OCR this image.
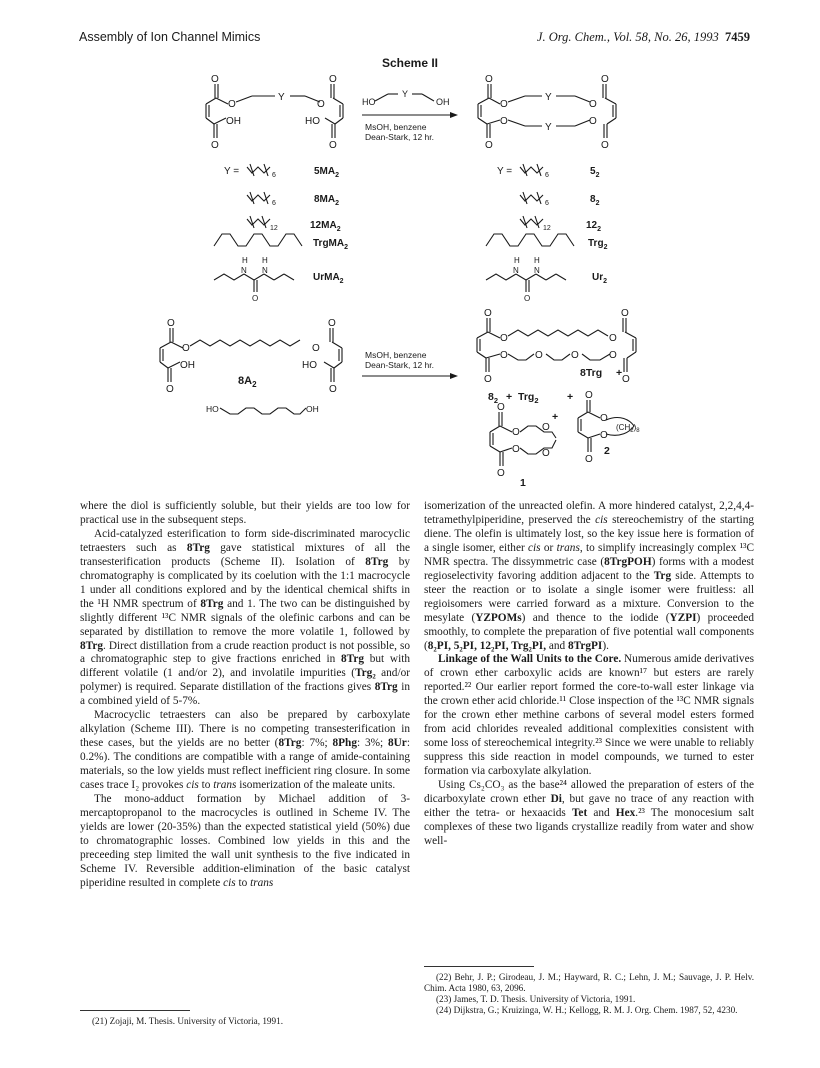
Assembly of Ion Channel Mimics	J. Org. Chem., Vol. 58, No. 26, 1993 7459
Scheme II
O	O
O	O
Y
OH	HO
O	O
HO
Y
OH
MsOH, benzene
Dean-Stark, 12 hr.
O	O
O	O
O	O
Y
Y
O	O
Y =	6
6
12
H H
N N
O
$5MA_2$
$8MA_2$
$12MA_2$
TrgMA$_2$
UrMA$_2$
Y =	6
6
12
H H
N N
O
$5_2$
$8_2$
$12_2$
Trg$_2$
$Ur_2$
O	O
O	O
OH	HO
O	O
$8A_2$
HO	OH
MsOH, benzene
Dean-Stark, 12 hr.
O	O
O	O
O	O	O	O
O	O
8Trg +
$8_2 + Trg_2$	+
O
O O
O O
O
+
1
O
O
O
O
$(CH_2)_8$
2

where the diol is sufficiently soluble, but their yields are too low for practical use in the subsequent steps.

Acid-catalyzed esterification to form side-discriminated marocyclic tetraesters such as 8Trg gave statistical mixtures of all the transesterification products (Scheme II). Isolation of 8Trg by chromatography is complicated by its coelution with the 1:1 macrocycle 1 under all conditions explored and by the identical chemical shifts in the ¹H NMR spectrum of 8Trg and 1. The two can be distinguished by slightly different ¹³C NMR signals of the olefinic carbons and can be separated by distillation to remove the more volatile 1, followed by 8Trg. Direct distillation from a crude reaction product is not possible, so a chromatographic step to give fractions enriched in 8Trg but with different volatile (1 and/or 2), and involatile impurities (Trg₂ and/or polymer) is required. Separate distillation of the fractions gives 8Trg in a combined yield of 5-7%.

Macrocyclic tetraesters can also be prepared by carboxylate alkylation (Scheme III). There is no competing transesterification in these cases, but the yields are no better (8Trg: 7%; 8Phg: 3%; 8Ur: 0.2%). The conditions are compatible with a range of amide-containing materials, so the low yields must reflect inefficient ring closure. In some cases trace I₂ provokes cis to trans isomerization of the maleate units.

The mono-adduct formation by Michael addition of 3-mercaptopropanol to the macrocycles is outlined in Scheme IV. The yields are lower (20-35%) than the expected statistical yield (50%) due to chromatographic losses. Combined low yields in this and the preceeding step limited the wall unit synthesis to the five indicated in Scheme IV. Reversible addition-elimination of the basic catalyst piperidine resulted in complete cis to trans

(21) Zojaji, M. Thesis. University of Victoria, 1991.

isomerization of the unreacted olefin. A more hindered catalyst, 2,2,4,4-tetramethylpiperidine, preserved the cis stereochemistry of the starting diene. The olefin is ultimately lost, so the key issue here is formation of a single isomer, either cis or trans, to simplify increasingly complex ¹³C NMR spectra. The dissymmetric case (8TrgPOH) forms with a modest regioselectivity favoring addition adjacent to the Trg side. Attempts to steer the reaction or to isolate a single isomer were fruitless: all regioisomers were carried forward as a mixture. Conversion to the mesylate (YZPOMs) and thence to the iodide (YZPI) proceeded smoothly, to complete the preparation of five potential wall components (8₂PI, 5₂PI, 12₂PI, Trg₂PI, and 8TrgPI).

Linkage of the Wall Units to the Core. Numerous amide derivatives of crown ether carboxylic acids are known¹⁷ but esters are rarely reported.²² Our earlier report formed the core-to-wall ester linkage via the crown ether acid chloride.¹¹ Close inspection of the ¹³C NMR signals for the crown ether methine carbons of several model esters formed from acid chlorides revealed additional complexities consistent with some loss of stereochemical integrity.²³ Since we were unable to reliably suppress this side reaction in model compounds, we turned to ester formation via carboxylate alkylation.

Using Cs₂CO₃ as the base²⁴ allowed the preparation of esters of the dicarboxylate crown ether Di, but gave no trace of any reaction with either the tetra- or hexaacids Tet and Hex.²³ The monocesium salt complexes of these two ligands crystallize readily from water and show well-

(22) Behr, J. P.; Girodeau, J. M.; Hayward, R. C.; Lehn, J. M.; Sauvage, J. P. Helv. Chim. Acta 1980, 63, 2096.
(23) James, T. D. Thesis. University of Victoria, 1991.
(24) Dijkstra, G.; Kruizinga, W. H.; Kellogg, R. M. J. Org. Chem. 1987, 52, 4230.
